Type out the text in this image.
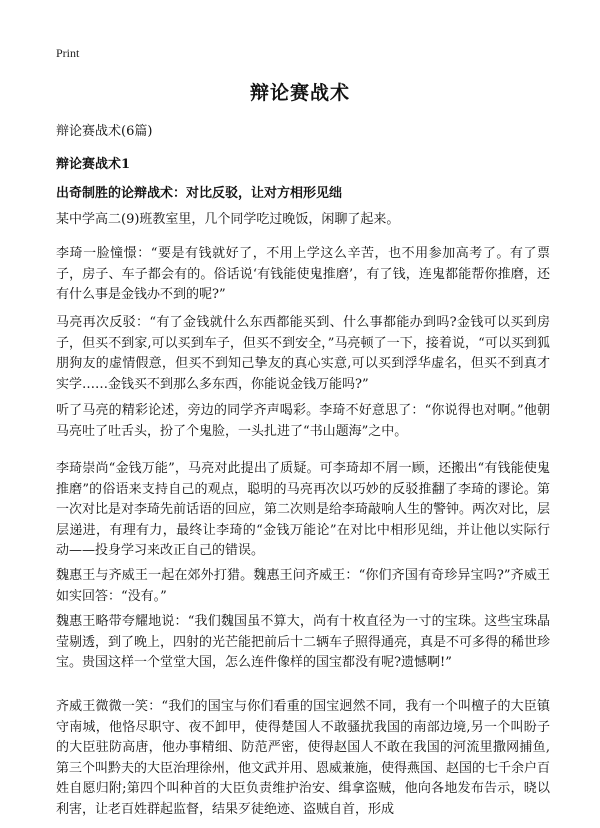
Print
辩论赛战术
辩论赛战术(6篇)
辩论赛战术1
出奇制胜的论辩战术：对比反驳，让对方相形见绌
某中学高二(9)班教室里，几个同学吃过晚饭，闲聊了起来。
李琦一脸憧憬：“要是有钱就好了，不用上学这么辛苦，也不用参加高考了。有了票子，房子、车子都会有的。俗话说‘有钱能使鬼推磨’，有了钱，连鬼都能帮你推磨，还有什么事是金钱办不到的呢?”
马亮再次反驳：“有了金钱就什么东西都能买到、什么事都能办到吗?金钱可以买到房子，但买不到家,可以买到车子，但买不到安全，”马亮顿了一下，接着说，“可以买到狐朋狗友的虚情假意，但买不到知己挚友的真心实意,可以买到浮华虚名，但买不到真才实学……金钱买不到那么多东西，你能说金钱万能吗?”
听了马亮的精彩论述，旁边的同学齐声喝彩。李琦不好意思了：“你说得也对啊。”他朝马亮吐了吐舌头，扮了个鬼脸，一头扎进了“书山题海”之中。
李琦崇尚“金钱万能”，马亮对此提出了质疑。可李琦却不屑一顾，还搬出“有钱能使鬼推磨”的俗语来支持自己的观点，聪明的马亮再次以巧妙的反驳推翻了李琦的谬论。第一次对比是对李琦先前话语的回应，第二次则是给李琦敲响人生的警钟。两次对比，层层递进，有理有力，最终让李琦的“金钱万能论”在对比中相形见绌，并让他以实际行动——投身学习来改正自己的错误。
魏惠王与齐威王一起在郊外打猎。魏惠王问齐威王：“你们齐国有奇珍异宝吗?”齐威王如实回答：“没有。”
魏惠王略带夸耀地说：“我们魏国虽不算大，尚有十枚直径为一寸的宝珠。这些宝珠晶莹剔透，到了晚上，四射的光芒能把前后十二辆车子照得通亮，真是不可多得的稀世珍宝。贵国这样一个堂堂大国，怎么连件像样的国宝都没有呢?遗憾啊!”
齐威王微微一笑：“我们的国宝与你们看重的国宝迥然不同，我有一个叫檀子的大臣镇守南城，他恪尽职守、夜不卸甲，使得楚国人不敢骚扰我国的南部边境,另一个叫盼子的大臣驻防高唐，他办事精细、防范严密，使得赵国人不敢在我国的河流里撒网捕鱼,第三个叫黔夫的大臣治理徐州，他文武并用、恩威兼施，使得燕国、赵国的七千余户百姓自愿归附;第四个叫种首的大臣负责维护治安、缉拿盗贼，他向各地发布告示，晓以利害，让老百姓群起监督，结果歹徒绝迹、盗贼自首，形成
